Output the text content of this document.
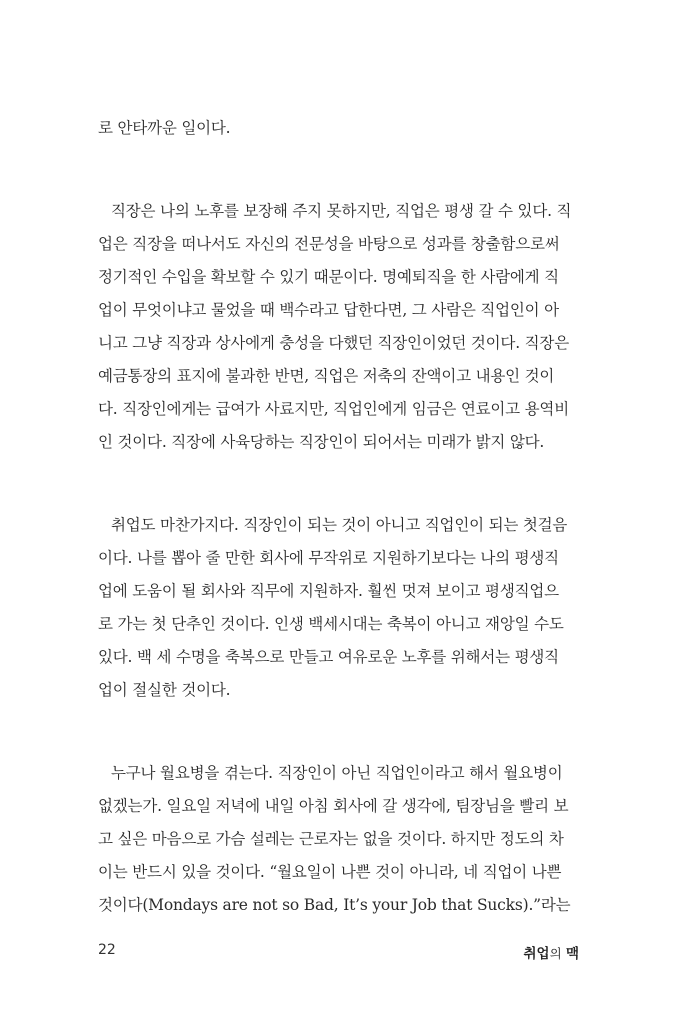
로 안타까운 일이다.

직장은 나의 노후를 보장해 주지 못하지만, 직업은 평생 갈 수 있다. 직
업은 직장을 떠나서도 자신의 전문성을 바탕으로 성과를 창출함으로써
정기적인 수입을 확보할 수 있기 때문이다. 명예퇴직을 한 사람에게 직
업이 무엇이냐고 물었을 때 백수라고 답한다면, 그 사람은 직업인이 아
니고 그냥 직장과 상사에게 충성을 다했던 직장인이었던 것이다. 직장은
예금통장의 표지에 불과한 반면, 직업은 저축의 잔액이고 내용인 것이
다. 직장인에게는 급여가 사료지만, 직업인에게 임금은 연료이고 용역비
인 것이다. 직장에 사육당하는 직장인이 되어서는 미래가 밝지 않다.

취업도 마찬가지다. 직장인이 되는 것이 아니고 직업인이 되는 첫걸음
이다. 나를 뽑아 줄 만한 회사에 무작위로 지원하기보다는 나의 평생직
업에 도움이 될 회사와 직무에 지원하자. 훨씬 멋져 보이고 평생직업으
로 가는 첫 단추인 것이다. 인생 백세시대는 축복이 아니고 재앙일 수도
있다. 백 세 수명을 축복으로 만들고 여유로운 노후를 위해서는 평생직
업이 절실한 것이다.

누구나 월요병을 겪는다. 직장인이 아닌 직업인이라고 해서 월요병이
없겠는가. 일요일 저녁에 내일 아침 회사에 갈 생각에, 팀장님을 빨리 보
고 싶은 마음으로 가슴 설레는 근로자는 없을 것이다. 하지만 정도의 차
이는 반드시 있을 것이다. “월요일이 나쁜 것이 아니라, 네 직업이 나쁜
것이다(Mondays are not so Bad, It’s your Job that Sucks).”라는

22	취업의 맥
